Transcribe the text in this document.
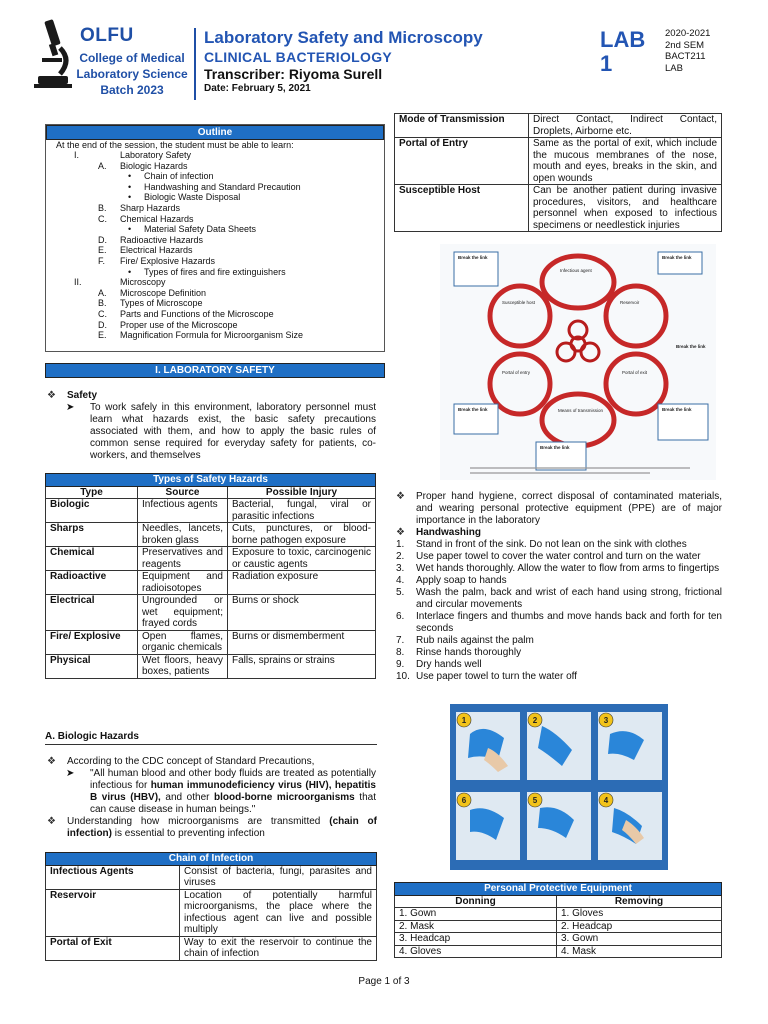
OLFU
College of Medical
Laboratory Science
Batch 2023
Laboratory Safety and Microscopy
CLINICAL BACTERIOLOGY
Transcriber: Riyoma Surell
Date: February 5, 2021
LAB
1
2020-2021
2nd SEM
BACT211
LAB
Outline
At the end of the session, the student must be able to learn:
I.	Laboratory Safety
A. Biologic Hazards
• Chain of infection
• Handwashing and Standard Precaution
• Biologic Waste Disposal
B. Sharp Hazards
C. Chemical Hazards
• Material Safety Data Sheets
D. Radioactive Hazards
E. Electrical Hazards
F. Fire/ Explosive Hazards
• Types of fires and fire extinguishers
II.	Microscopy
A. Microscope Definition
B. Types of Microscope
C. Parts and Functions of the Microscope
D. Proper use of the Microscope
E. Magnification Formula for Microorganism Size
I. LABORATORY SAFETY
❖ Safety
➤ To work safely in this environment, laboratory personnel must learn what hazards exist, the basic safety precautions associated with them, and how to apply the basic rules of common sense required for everyday safety for patients, co-workers, and themselves
Types of Safety Hazards		
Type	Source	Possible Injury
Biologic	Infectious agents	Bacterial, fungal, viral or parasitic infections
Sharps	Needles, lancets, broken glass	Cuts, punctures, or blood-borne pathogen exposure
Chemical	Preservatives and reagents	Exposure to toxic, carcinogenic or caustic agents
Radioactive	Equipment and radioisotopes	Radiation exposure
Electrical	Ungrounded or wet equipment; frayed cords	Burns or shock
Fire/ Explosive	Open flames, organic chemicals	Burns or dismemberment
Physical	Wet floors, heavy boxes, patients	Falls, sprains or strains
A. Biologic Hazards
❖ According to the CDC concept of Standard Precautions,
➤ "All human blood and other body fluids are treated as potentially infectious for human immunodeficiency virus (HIV), hepatitis B virus (HBV), and other blood-borne microorganisms that can cause disease in human beings."
❖ Understanding how microorganisms are transmitted (chain of infection) is essential to preventing infection
Chain of Infection	
Infectious Agents	Consist of bacteria, fungi, parasites and viruses
Reservoir	Location of potentially harmful microorganisms, the place where the infectious agent can live and possible multiply
Portal of Exit	Way to exit the reservoir to continue the chain of infection
Mode of Transmission	Direct Contact, Indirect Contact, Droplets, Airborne etc.
Portal of Entry	Same as the portal of exit, which include the mucous membranes of the nose, mouth and eyes, breaks in the skin, and open wounds
Susceptible Host	Can be another patient during invasive procedures, visitors, and healthcare personnel when exposed to infectious specimens or needlestick injuries
Infectious agent
Reservoir
Portal of exit
Means of transmission
Portal of entry
Susceptible host
Break the link	Break the link
Break the link	Break the link
Break the link
Break the link
❖ Proper hand hygiene, correct disposal of contaminated materials, and wearing personal protective equipment (PPE) are of major importance in the laboratory
❖ Handwashing
1. Stand in front of the sink. Do not lean on the sink with clothes
2. Use paper towel to cover the water control and turn on the water
3. Wet hands thoroughly. Allow the water to flow from arms to fingertips
4. Apply soap to hands
5. Wash the palm, back and wrist of each hand using strong, frictional and circular movements
6. Interlace fingers and thumbs and move hands back and forth for ten seconds
7. Rub nails against the palm
8. Rinse hands thoroughly
9. Dry hands well
10. Use paper towel to turn the water off
1	2	3
6	5	4
Personal Protective Equipment	
Donning	Removing
1. Gown	1. Gloves
2. Mask	2. Headcap
3. Headcap	3. Gown
4. Gloves	4. Mask
Page 1 of 3
